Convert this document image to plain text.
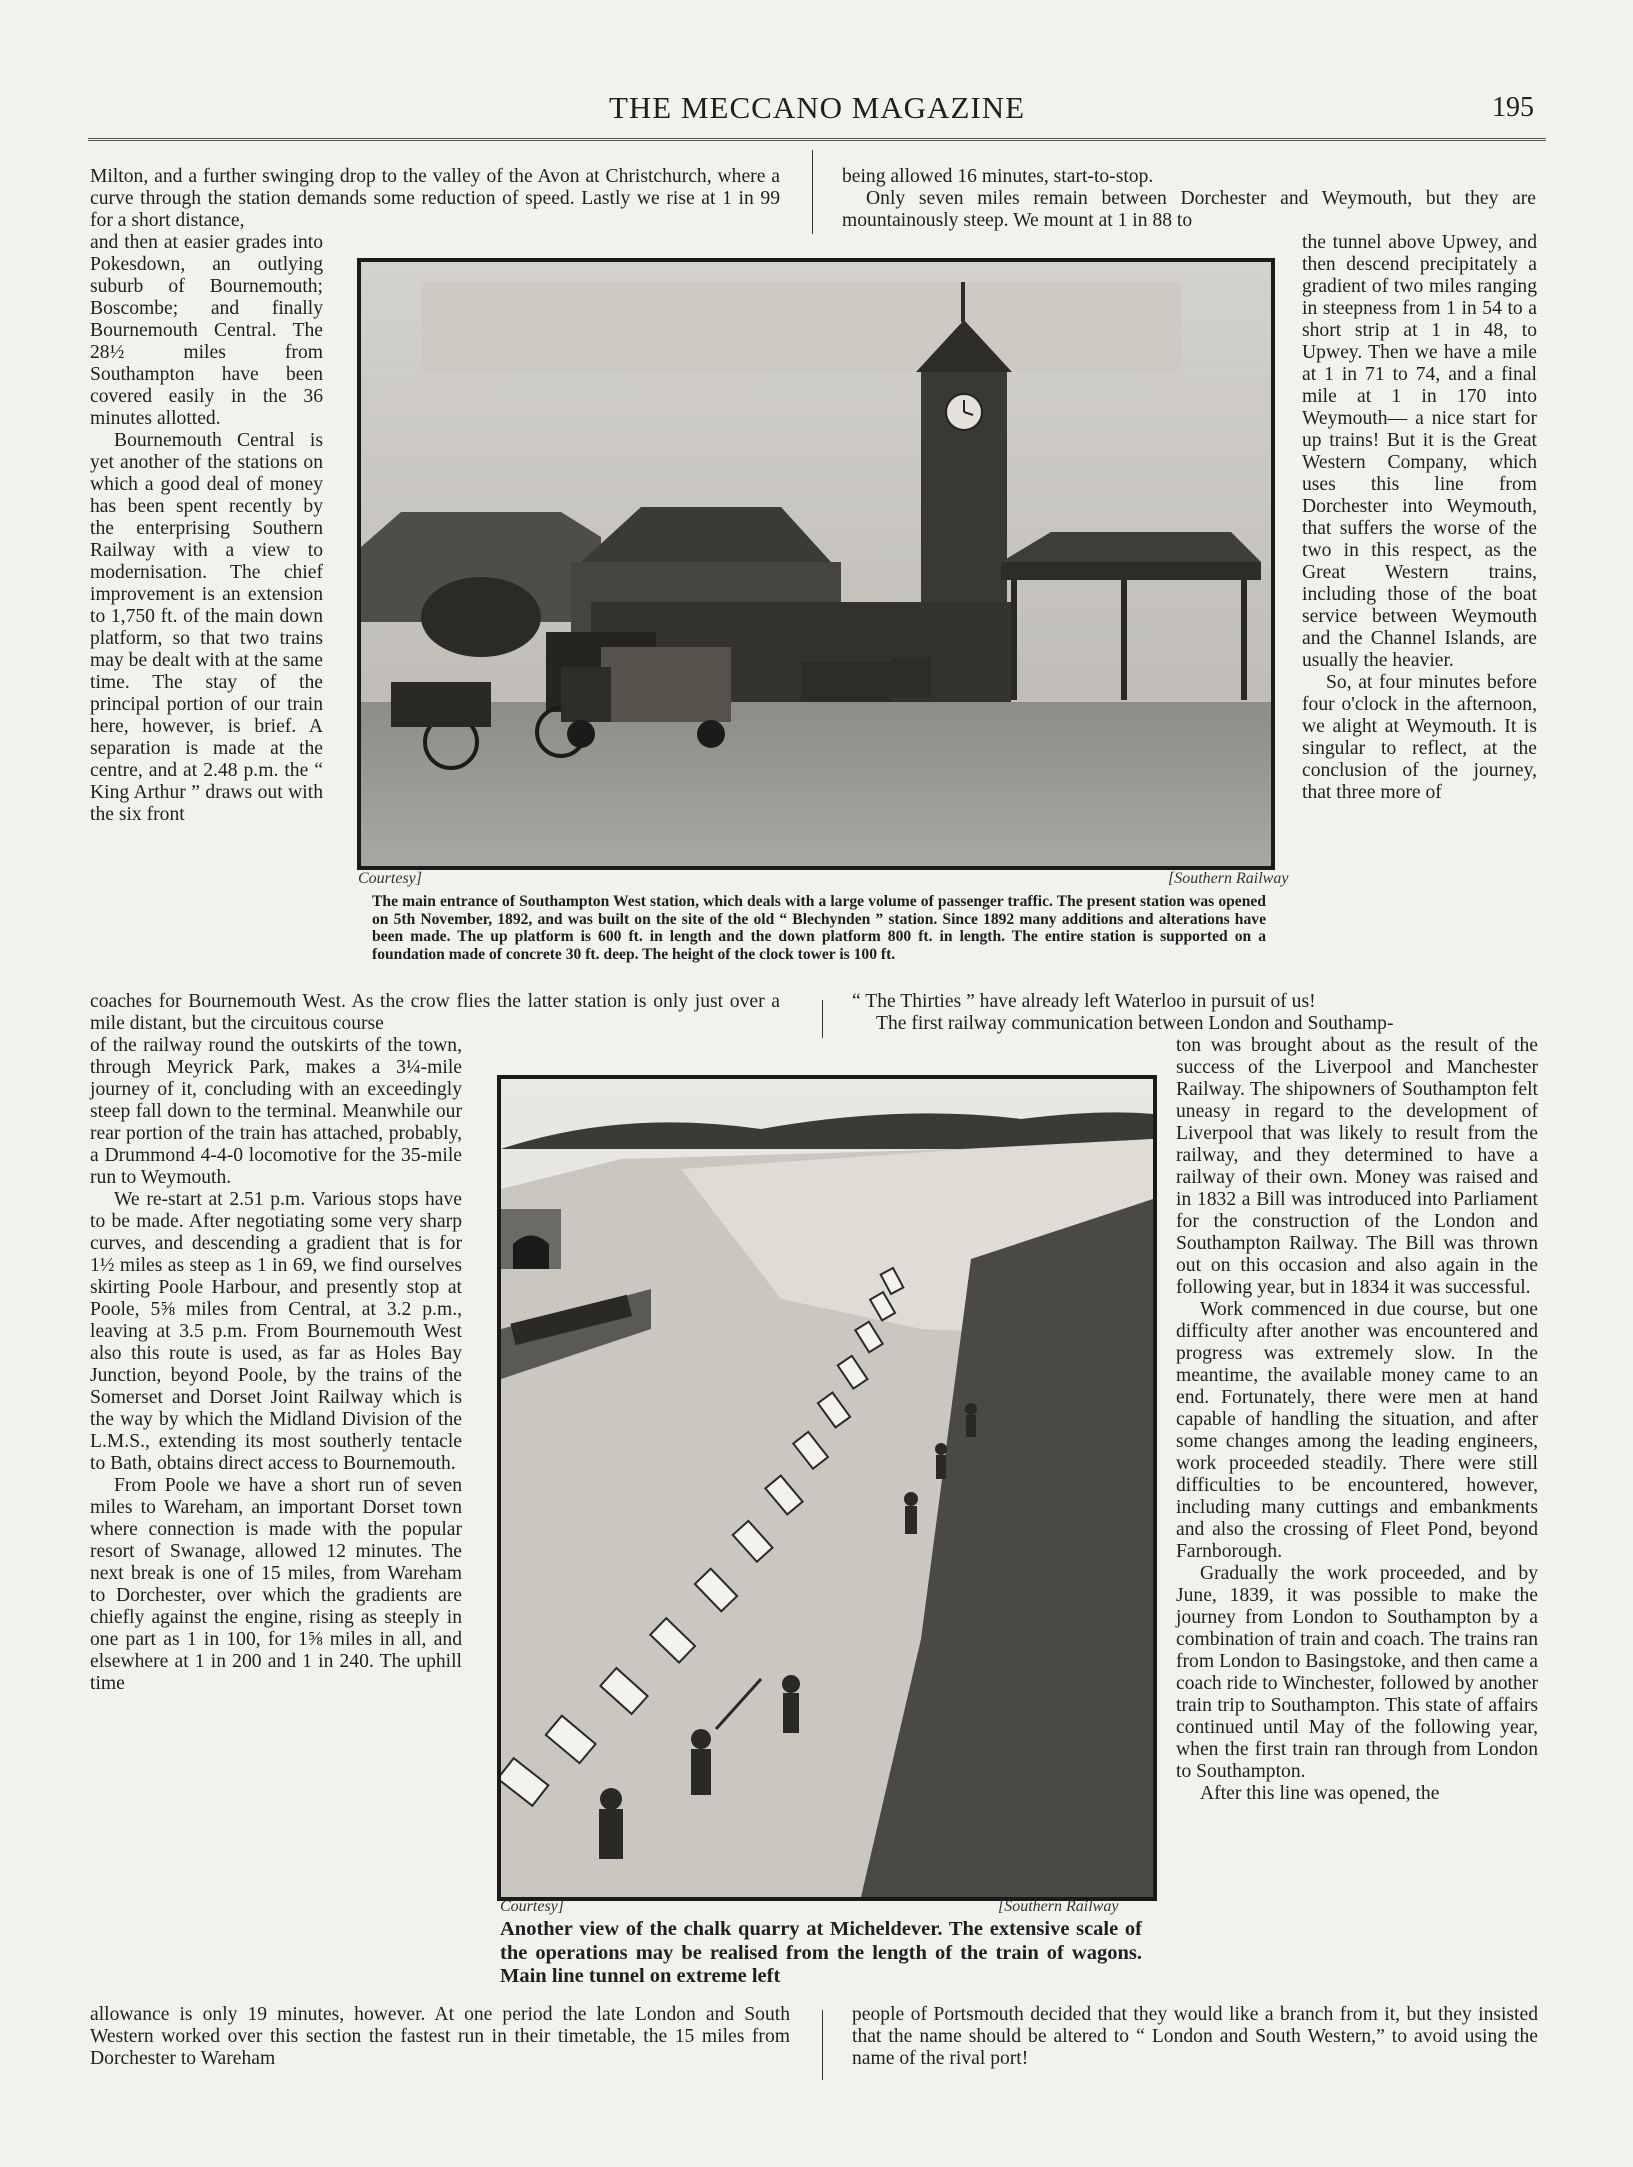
THE MECCANO MAGAZINE	195

Milton, and a further swinging drop to the valley of the Avon at Christchurch, where a curve through the station demands some reduction of speed. Lastly we rise at 1 in 99 for a short distance,

and then at easier grades into Pokesdown, an outlying suburb of Bournemouth; Boscombe; and finally Bournemouth Central. The 28½ miles from Southampton have been covered easily in the 36 minutes allotted.

Bournemouth Central is yet another of the stations on which a good deal of money has been spent recently by the enterprising Southern Railway with a view to modernisation. The chief improvement is an extension to 1,750 ft. of the main down platform, so that two trains may be dealt with at the same time. The stay of the principal portion of our train here, however, is brief. A separation is made at the centre, and at 2.48 p.m. the “ King Arthur ” draws out with the six front

coaches for Bournemouth West. As the crow flies the latter station is only just over a mile distant, but the circuitous course

of the railway round the outskirts of the town, through Meyrick Park, makes a 3¼-mile journey of it, concluding with an exceedingly steep fall down to the terminal. Meanwhile our rear portion of the train has attached, probably, a Drummond 4-4-0 locomotive for the 35-mile run to Weymouth.

We re-start at 2.51 p.m. Various stops have to be made. After negotiating some very sharp curves, and descending a gradient that is for 1½ miles as steep as 1 in 69, we find ourselves skirting Poole Harbour, and presently stop at Poole, 5⅝ miles from Central, at 3.2 p.m., leaving at 3.5 p.m. From Bournemouth West also this route is used, as far as Holes Bay Junction, beyond Poole, by the trains of the Somerset and Dorset Joint Railway which is the way by which the Midland Division of the L.M.S., extending its most southerly tentacle to Bath, obtains direct access to Bournemouth.

From Poole we have a short run of seven miles to Wareham, an important Dorset town where connection is made with the popular resort of Swanage, allowed 12 minutes. The next break is one of 15 miles, from Wareham to Dorchester, over which the gradients are chiefly against the engine, rising as steeply in one part as 1 in 100, for 1⅝ miles in all, and elsewhere at 1 in 200 and 1 in 240. The uphill time

allowance is only 19 minutes, however. At one period the late London and South Western worked over this section the fastest run in their timetable, the 15 miles from Dorchester to Wareham

being allowed 16 minutes, start-to-stop.

Only seven miles remain between Dorchester and Weymouth, but they are mountainously steep. We mount at 1 in 88 to

the tunnel above Upwey, and then descend precipitately a gradient of two miles ranging in steepness from 1 in 54 to a short strip at 1 in 48, to Upwey. Then we have a mile at 1 in 71 to 74, and a final mile at 1 in 170 into Weymouth— a nice start for up trains! But it is the Great Western Company, which uses this line from Dorchester into Weymouth, that suffers the worse of the two in this respect, as the Great Western trains, including those of the boat service between Weymouth and the Channel Islands, are usually the heavier.

So, at four minutes before four o'clock in the afternoon, we alight at Weymouth. It is singular to reflect, at the conclusion of the journey, that three more of

“ The Thirties ” have already left Waterloo in pursuit of us!

The first railway communication between London and Southamp-

ton was brought about as the result of the success of the Liverpool and Manchester Railway. The shipowners of Southampton felt uneasy in regard to the development of Liverpool that was likely to result from the railway, and they determined to have a railway of their own. Money was raised and in 1832 a Bill was introduced into Parliament for the construction of the London and Southampton Railway. The Bill was thrown out on this occasion and also again in the following year, but in 1834 it was successful.

Work commenced in due course, but one difficulty after another was encountered and progress was extremely slow. In the meantime, the available money came to an end. Fortunately, there were men at hand capable of handling the situation, and after some changes among the leading engineers, work proceeded steadily. There were still difficulties to be encountered, however, including many cuttings and embankments and also the crossing of Fleet Pond, beyond Farnborough.

Gradually the work proceeded, and by June, 1839, it was possible to make the journey from London to Southampton by a combination of train and coach. The trains ran from London to Basingstoke, and then came a coach ride to Winchester, followed by another train trip to Southampton. This state of affairs continued until May of the following year, when the first train ran through from London to Southampton.

After this line was opened, the

people of Portsmouth decided that they would like a branch from it, but they insisted that the name should be altered to “ London and South Western,” to avoid using the name of the rival port!

Courtesy]	[Southern Railway

The main entrance of Southampton West station, which deals with a large volume of passenger traffic. The present station was opened on 5th November, 1892, and was built on the site of the old “ Blechynden ” station. Since 1892 many additions and alterations have been made. The up platform is 600 ft. in length and the down platform 800 ft. in length. The entire station is supported on a foundation made of concrete 30 ft. deep. The height of the clock tower is 100 ft.

Courtesy]	[Southern Railway

Another view of the chalk quarry at Micheldever. The extensive scale of the operations may be realised from the length of the train of wagons. Main line tunnel on extreme left
